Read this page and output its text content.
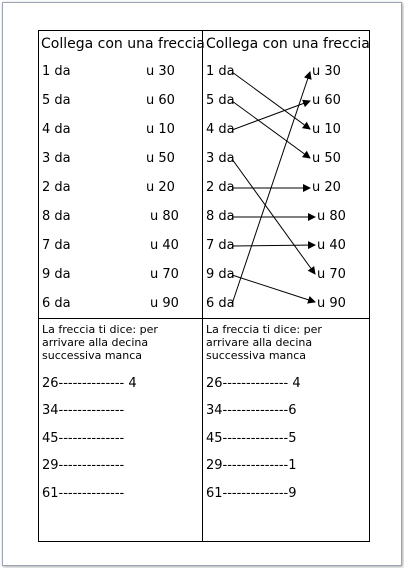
Collega con una freccia
1 da	u 30
5 da	u 60
4 da	u 10
3 da	u 50
2 da	u 20
8 da	u 80
7 da	u 40
9 da	u 70
6 da	u 90
Collega con una freccia
1 da	u 30
5 da	u 60
4 da	u 10
3 da	u 50
2 da	u 20
8 da	u 80
7 da	u 40
9 da	u 70
6 da	u 90
La freccia ti dice: per arrivare alla decina successiva manca
26-------------- 4
34--------------
45--------------
29--------------
61--------------
La freccia ti dice: per arrivare alla decina successiva manca
26-------------- 4
34--------------6
45--------------5
29--------------1
61--------------9
